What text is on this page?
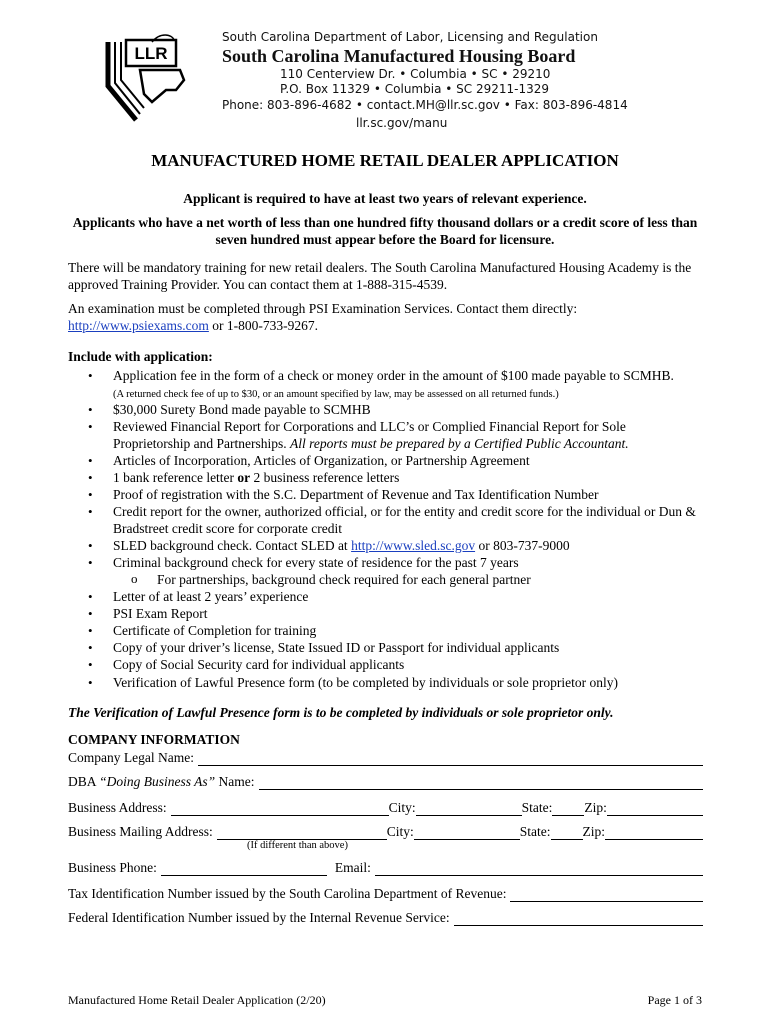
LLR
South Carolina Department of Labor, Licensing and Regulation
South Carolina Manufactured Housing Board
110 Centerview Dr. • Columbia • SC • 29210
P.O. Box 11329 • Columbia • SC 29211-1329
Phone: 803-896-4682 • contact.MH@llr.sc.gov • Fax: 803-896-4814
llr.sc.gov/manu
MANUFACTURED HOME RETAIL DEALER APPLICATION
Applicant is required to have at least two years of relevant experience.
Applicants who have a net worth of less than one hundred fifty thousand dollars or a credit score of less than seven hundred must appear before the Board for licensure.
There will be mandatory training for new retail dealers. The South Carolina Manufactured Housing Academy is the approved Training Provider. You can contact them at 1-888-315-4539.
An examination must be completed through PSI Examination Services. Contact them directly:
http://www.psiexams.com or 1-800-733-9267.
Include with application:
• Application fee in the form of a check or money order in the amount of $100 made payable to SCMHB.
(A returned check fee of up to $30, or an amount specified by law, may be assessed on all returned funds.)
• $30,000 Surety Bond made payable to SCMHB
• Reviewed Financial Report for Corporations and LLC’s or Complied Financial Report for Sole Proprietorship and Partnerships. All reports must be prepared by a Certified Public Accountant.
• Articles of Incorporation, Articles of Organization, or Partnership Agreement
• 1 bank reference letter or 2 business reference letters
• Proof of registration with the S.C. Department of Revenue and Tax Identification Number
• Credit report for the owner, authorized official, or for the entity and credit score for the individual or Dun & Bradstreet credit score for corporate credit
• SLED background check. Contact SLED at http://www.sled.sc.gov or 803-737-9000
• Criminal background check for every state of residence for the past 7 years
o For partnerships, background check required for each general partner
• Letter of at least 2 years’ experience
• PSI Exam Report
• Certificate of Completion for training
• Copy of your driver’s license, State Issued ID or Passport for individual applicants
• Copy of Social Security card for individual applicants
• Verification of Lawful Presence form (to be completed by individuals or sole proprietor only)
The Verification of Lawful Presence form is to be completed by individuals or sole proprietor only.
COMPANY INFORMATION
Company Legal Name:
DBA “Doing Business As” Name:
Business Address:	City:	State: Zip:
Business Mailing Address:	City:	State: Zip:
(If different than above)
Business Phone:	Email:
Tax Identification Number issued by the South Carolina Department of Revenue:
Federal Identification Number issued by the Internal Revenue Service:
Manufactured Home Retail Dealer Application (2/20)	Page 1 of 3
